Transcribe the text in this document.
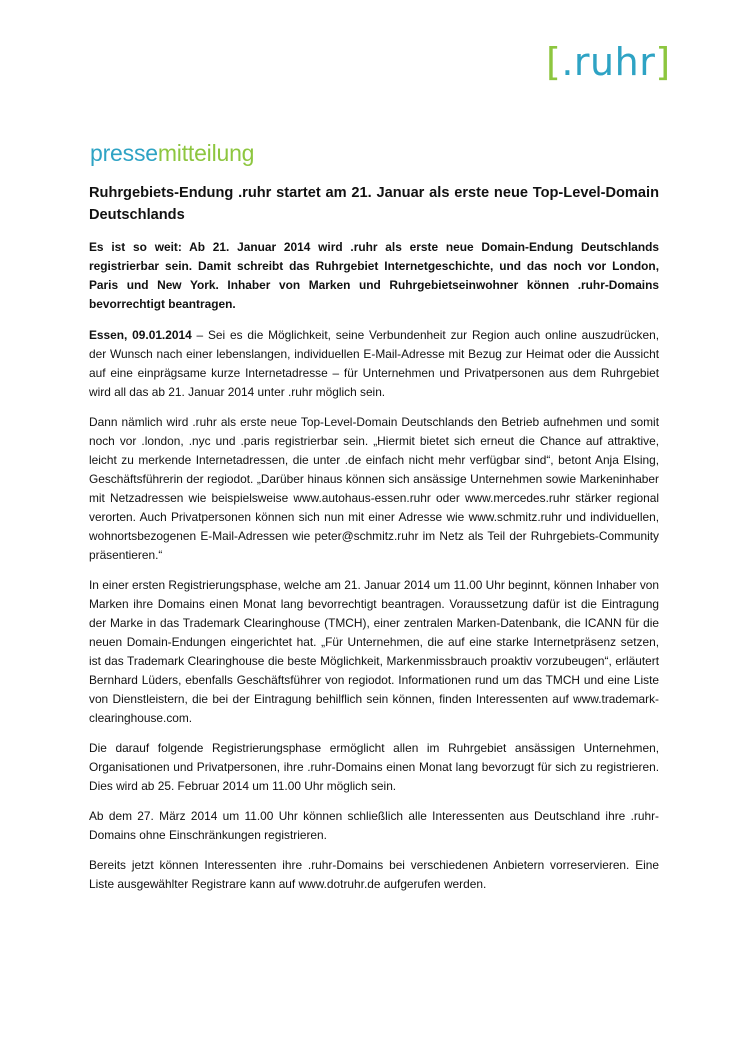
[.ruhr]
pressemitteilung
Ruhrgebiets-Endung .ruhr startet am 21. Januar als erste neue Top-Level-Domain Deutschlands

Es ist so weit: Ab 21. Januar 2014 wird .ruhr als erste neue Domain-Endung Deutschlands registrierbar sein. Damit schreibt das Ruhrgebiet Internetgeschichte, und das noch vor London, Paris und New York. Inhaber von Marken und Ruhrgebietseinwohner können .ruhr-Domains bevorrechtigt beantragen.

Essen, 09.01.2014 – Sei es die Möglichkeit, seine Verbundenheit zur Region auch online auszudrücken, der Wunsch nach einer lebenslangen, individuellen E-Mail-Adresse mit Bezug zur Heimat oder die Aussicht auf eine einprägsame kurze Internetadresse – für Unternehmen und Privatpersonen aus dem Ruhrgebiet wird all das ab 21. Januar 2014 unter .ruhr möglich sein.

Dann nämlich wird .ruhr als erste neue Top-Level-Domain Deutschlands den Betrieb aufnehmen und somit noch vor .london, .nyc und .paris registrierbar sein. „Hiermit bietet sich erneut die Chance auf attraktive, leicht zu merkende Internetadressen, die unter .de einfach nicht mehr verfügbar sind“, betont Anja Elsing, Geschäftsführerin der regiodot. „Darüber hinaus können sich ansässige Unternehmen sowie Markeninhaber mit Netzadressen wie beispielsweise www.autohaus-essen.ruhr oder www.mercedes.ruhr stärker regional verorten. Auch Privatpersonen können sich nun mit einer Adresse wie www.schmitz.ruhr und individuellen, wohnortsbezogenen E-Mail-Adressen wie peter@schmitz.ruhr im Netz als Teil der Ruhrgebiets-Community präsentieren.“

In einer ersten Registrierungsphase, welche am 21. Januar 2014 um 11.00 Uhr beginnt, können Inhaber von Marken ihre Domains einen Monat lang bevorrechtigt beantragen. Voraussetzung dafür ist die Eintragung der Marke in das Trademark Clearinghouse (TMCH), einer zentralen Marken-Datenbank, die ICANN für die neuen Domain-Endungen eingerichtet hat. „Für Unternehmen, die auf eine starke Internetpräsenz setzen, ist das Trademark Clearinghouse die beste Möglichkeit, Markenmissbrauch proaktiv vorzubeugen“, erläutert Bernhard Lüders, ebenfalls Geschäftsführer von regiodot. Informationen rund um das TMCH und eine Liste von Dienstleistern, die bei der Eintragung behilflich sein können, finden Interessenten auf www.trademark-clearinghouse.com.

Die darauf folgende Registrierungsphase ermöglicht allen im Ruhrgebiet ansässigen Unternehmen, Organisationen und Privatpersonen, ihre .ruhr-Domains einen Monat lang bevorzugt für sich zu registrieren. Dies wird ab 25. Februar 2014 um 11.00 Uhr möglich sein.

Ab dem 27. März 2014 um 11.00 Uhr können schließlich alle Interessenten aus Deutschland ihre .ruhr-Domains ohne Einschränkungen registrieren.

Bereits jetzt können Interessenten ihre .ruhr-Domains bei verschiedenen Anbietern vorreservieren. Eine Liste ausgewählter Registrare kann auf www.dotruhr.de aufgerufen werden.
